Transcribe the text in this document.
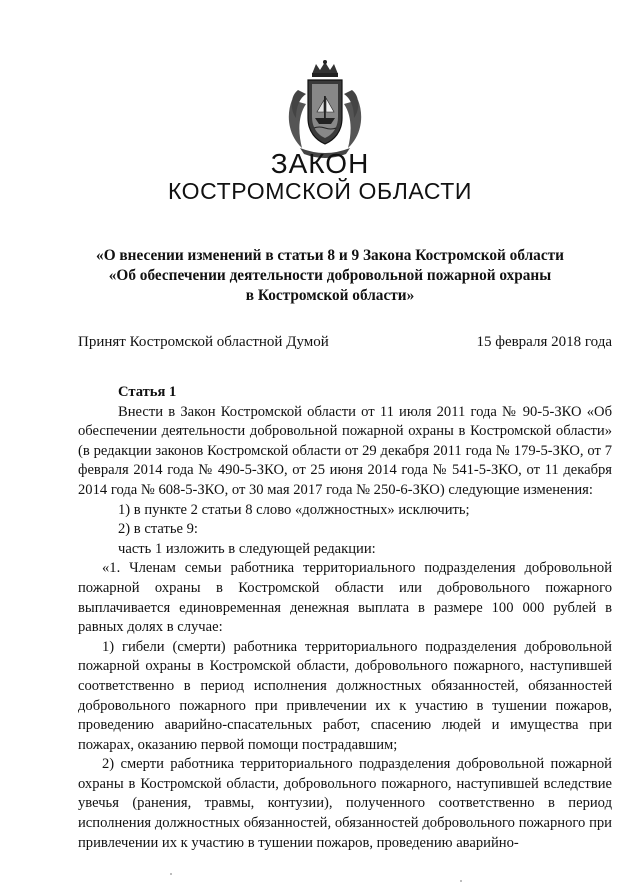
ЗАКОН
КОСТРОМСКОЙ ОБЛАСТИ
«О внесении изменений в статьи 8 и 9 Закона Костромской области
«Об обеспечении деятельности добровольной пожарной охраны
в Костромской области»
Принят Костромской областной Думой	15 февраля 2018 года

Статья 1

Внести в Закон Костромской области от 11 июля 2011 года № 90-5-ЗКО «Об обеспечении деятельности добровольной пожарной охраны в Костромской области» (в редакции законов Костромской области от 29 декабря 2011 года № 179-5-ЗКО, от 7 февраля 2014 года № 490-5-ЗКО, от 25 июня 2014 года № 541-5-ЗКО, от 11 декабря 2014 года № 608-5-ЗКО, от 30 мая 2017 года № 250-6-ЗКО) следующие изменения:

1) в пункте 2 статьи 8 слово «должностных» исключить;

2) в статье 9:

часть 1 изложить в следующей редакции:

«1. Членам семьи работника территориального подразделения добровольной пожарной охраны в Костромской области или добровольного пожарного выплачивается единовременная денежная выплата в размере 100 000 рублей в равных долях в случае:

1) гибели (смерти) работника территориального подразделения добровольной пожарной охраны в Костромской области, добровольного пожарного, наступившей соответственно в период исполнения должностных обязанностей, обязанностей добровольного пожарного при привлечении их к участию в тушении пожаров, проведению аварийно-спасательных работ, спасению людей и имущества при пожарах, оказанию первой помощи пострадавшим;

2) смерти работника территориального подразделения добровольной пожарной охраны в Костромской области, добровольного пожарного, наступившей вследствие увечья (ранения, травмы, контузии), полученного соответственно в период исполнения должностных обязанностей, обязанностей добровольного пожарного при привлечении их к участию в тушении пожаров, проведению аварийно-
